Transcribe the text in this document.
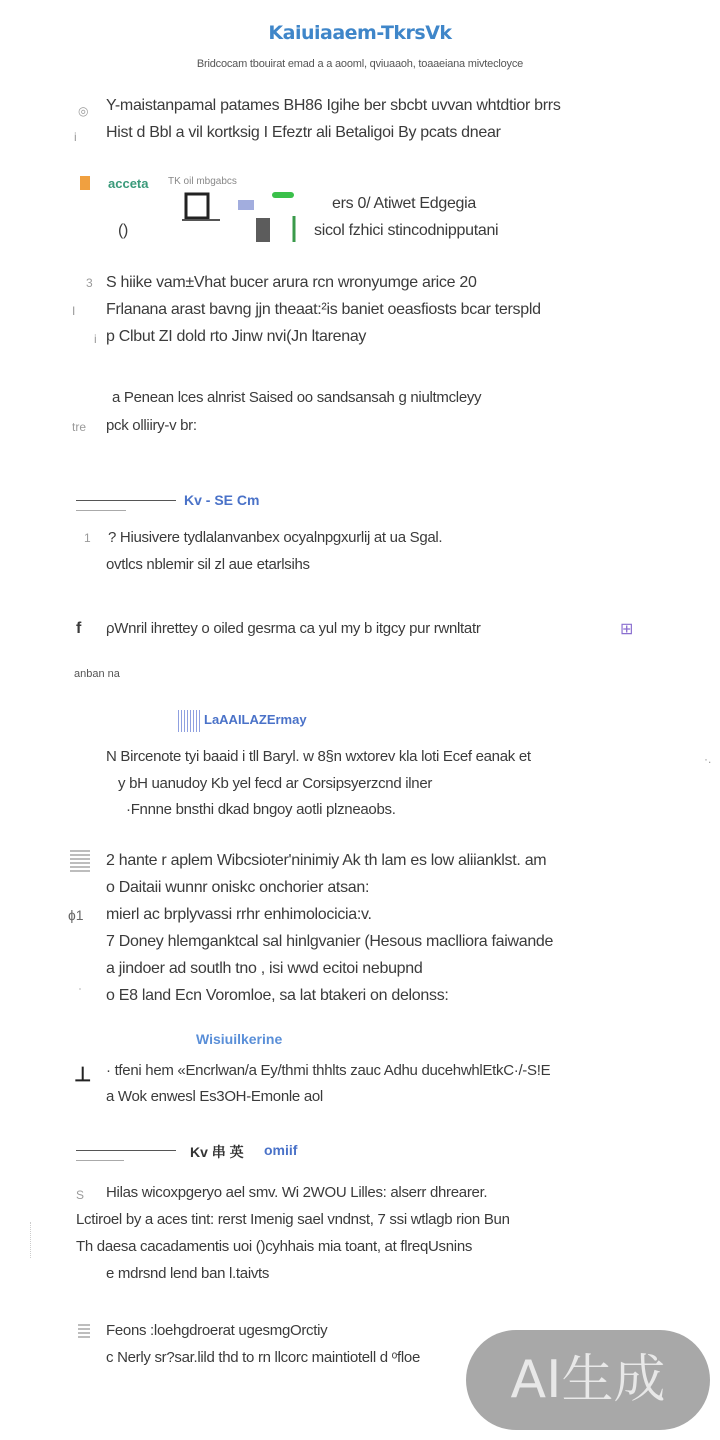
Kaiuiaaem-TkrsVk
Bridcocam tbouirat emad a a aooml, qviuaaoh, toaaeiana mivtecloyce
◎ Y-maistanpamal patames BH86 Igihe ber sbcbt uvvan whtdtior brrs
i Hist d Bbl a vil kortksig I Efeztr ali Betaligoi By pcats dnear
acceta TK oil mbgabcs
()
ers 0/ Atiwet Edgegia
sicol fzhici stincodnipputani
3 S hiike vam±Vhat bucer arura rcn wronyumge arice 20
I Frlanana arast bavng jjn theaat:²is baniet oeasfiosts bcar terspld
i p Clbut ZI dold rto Jinw nvi(Jn ltarenay
a Penean lces alnrist Saised oo sandsansah g niultmcleyy
tre pck olliiry-v br:
Kv - SE Cm
1 ? Hiusivere tydlalanvanbex ocyalnpgxurlij at ua Sgal.
ovtlcs nblemir sil zl aue etarlsihs
f ρWnril ihrettey o oiled gesrma ca yul my b itgcy pur rwnltatr	⊞
anban na
LaAAILAZErmay
N Bircenote tyi baaid i tll Baryl. w 8§n wxtorev kla loti Ecef eanak et
y bH uanudoy Kb yel fecd ar Corsipsyerzcnd ilner
·Fnnne bnsthi dkad bngoy aotli plzneaobs.
·.
2 hante r aplem Wibcsioter'ninimiy Ak th lam es low aliianklst. am
o Daitaii wunnr oniskc onchorier atsan:
ɸ1 mierl ac brplyvassi rrhr enhimolocicia:v.
7 Doney hlemganktcal sal hinlgvanier (Hesous maclliora faiwande
a jindoer ad soutlh tno , isi wwd ecitoi nebupnd
ˈ o E8 land Ecn Voromloe, sa lat btakeri on delonss:
Wisiuilkerine
⊥ · tfeni hem «Encrlwan/a Ey/thmi thhlts zauc Adhu ducehwhlEtkC·/-S!E
a Wok enwesl Es3OH-Emonle aol
Kv 串 英 omiif
S Hilas wicoxpgeryo ael smv. Wi 2WOU Lilles: alserr dhrearer.
Lctiroel by a aces tint: rerst Imenig sael vndnst, 7 ssi wtlagb rion Bun
Th daesa cacadamentis uoi ()cyhhais mia toant, at flreqUsnins
e mdrsnd lend ban l.taivts
Feons :loehgdroerat ugesmgOrctiy
c Nerly sr?sar.lild thd to rn llcorc maintiotell d ᵒfloe	AI生成
